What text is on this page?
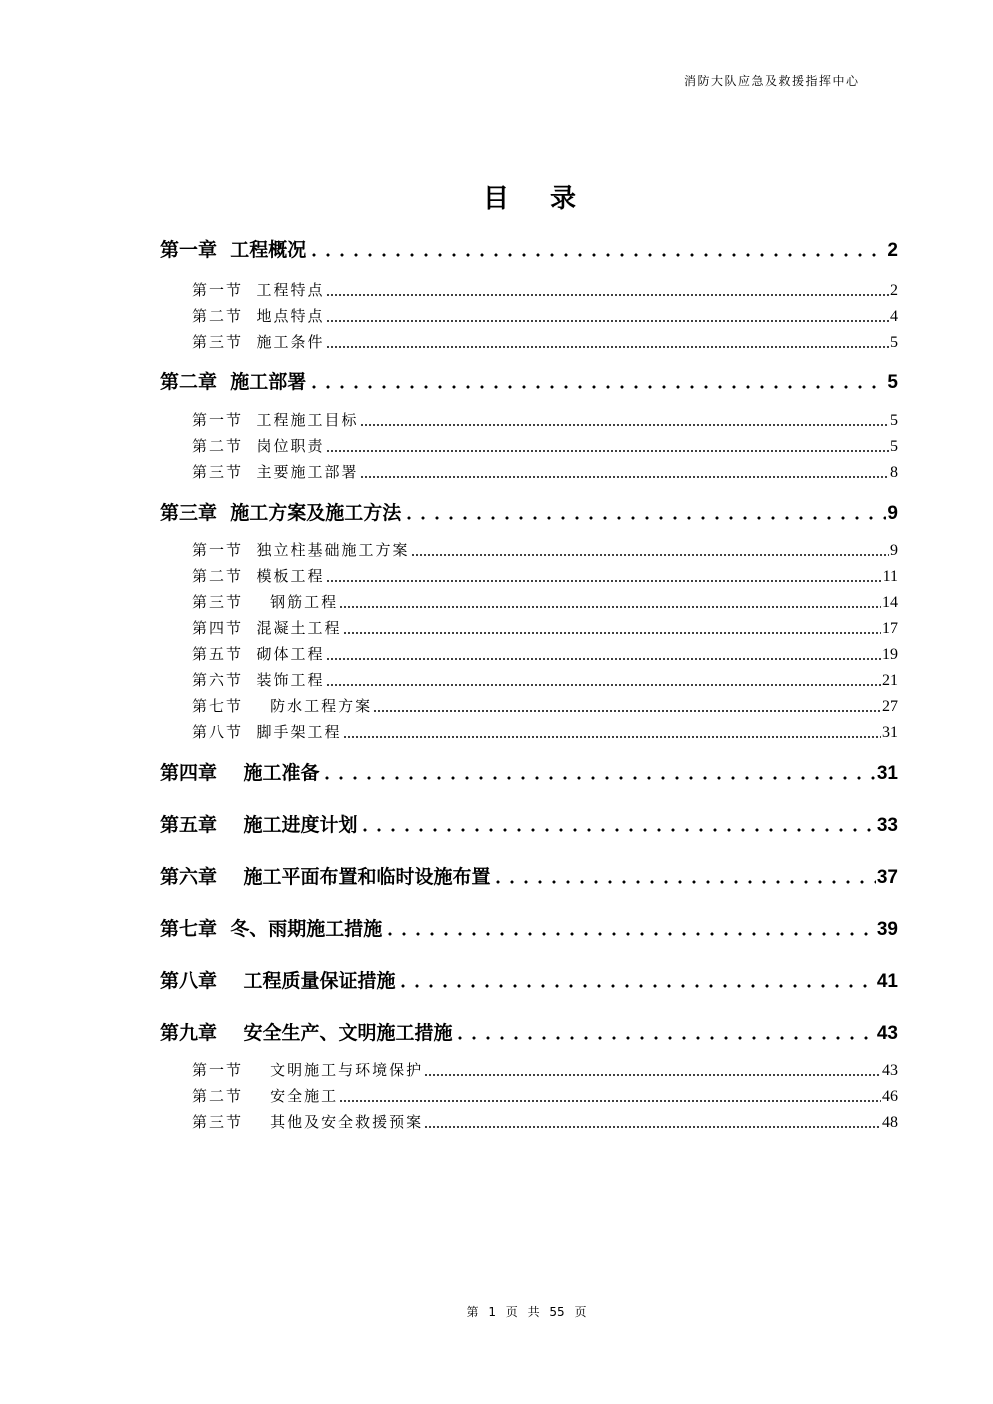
消防大队应急及救援指挥中心
目 录
第一章  工程概况	2
第一节  工程特点	2
第二节  地点特点	4
第三节  施工条件	5
第二章  施工部署	5
第一节  工程施工目标	5
第二节  岗位职责	5
第三节  主要施工部署	8
第三章  施工方案及施工方法	9
第一节  独立柱基础施工方案	9
第二节  模板工程	11
第三节    钢筋工程	14
第四节  混凝土工程	17
第五节  砌体工程	19
第六节  装饰工程	21
第七节    防水工程方案	27
第八节  脚手架工程	31
第四章    施工准备	31
第五章    施工进度计划	33
第六章    施工平面布置和临时设施布置	37
第七章  冬、雨期施工措施	39
第八章    工程质量保证措施	41
第九章    安全生产、文明施工措施	43
第一节    文明施工与环境保护	43
第二节    安全施工	46
第三节    其他及安全救援预案	48
第 1 页 共 55 页
